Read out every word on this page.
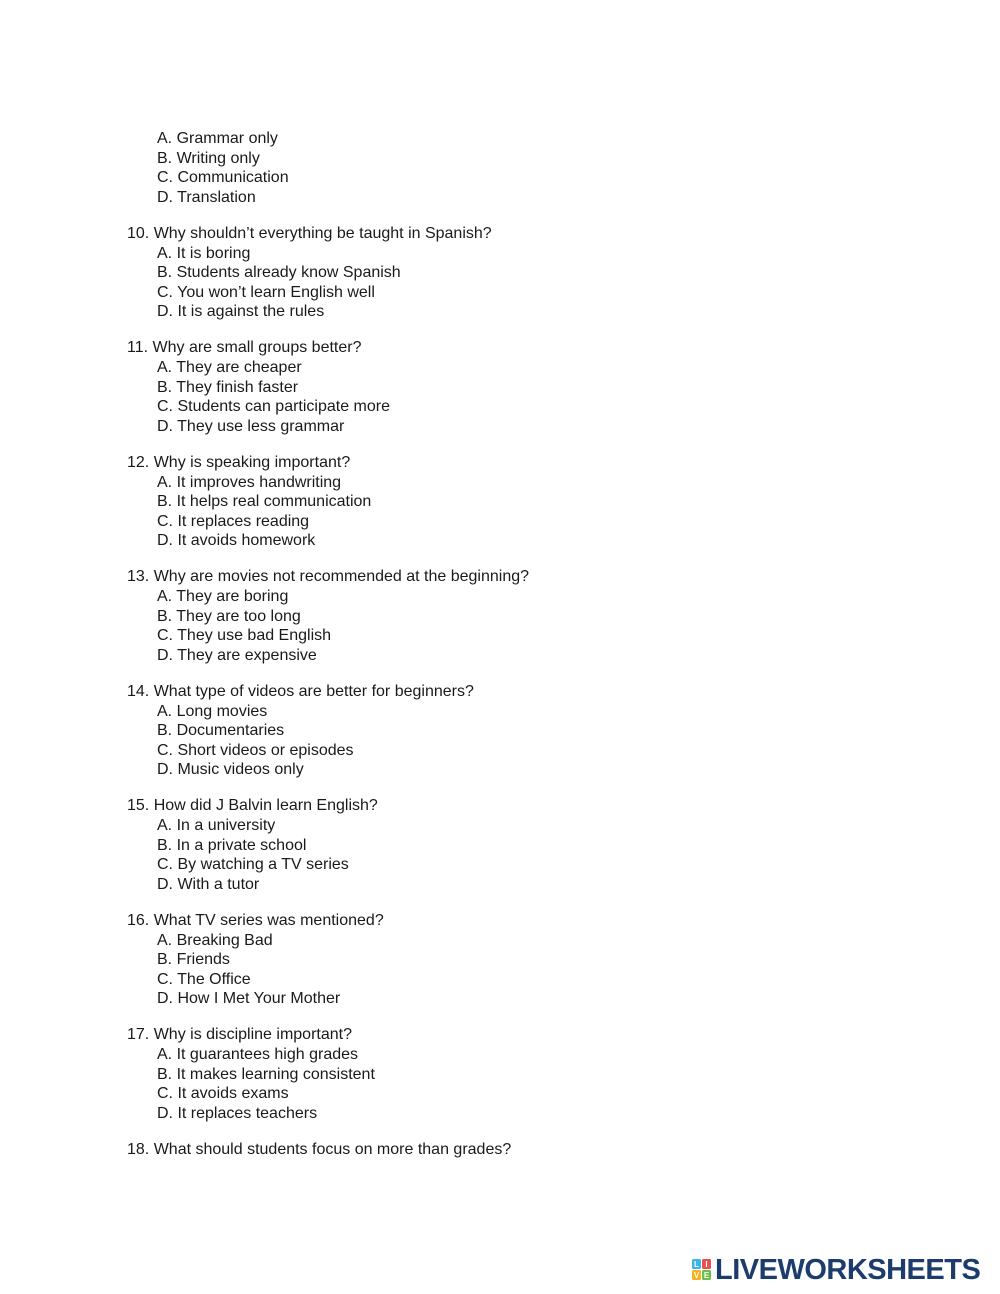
A. Grammar only
B. Writing only
C. Communication
D. Translation
10. Why shouldn’t everything be taught in Spanish?
A. It is boring
B. Students already know Spanish
C. You won’t learn English well
D. It is against the rules
11. Why are small groups better?
A. They are cheaper
B. They finish faster
C. Students can participate more
D. They use less grammar
12. Why is speaking important?
A. It improves handwriting
B. It helps real communication
C. It replaces reading
D. It avoids homework
13. Why are movies not recommended at the beginning?
A. They are boring
B. They are too long
C. They use bad English
D. They are expensive
14. What type of videos are better for beginners?
A. Long movies
B. Documentaries
C. Short videos or episodes
D. Music videos only
15. How did J Balvin learn English?
A. In a university
B. In a private school
C. By watching a TV series
D. With a tutor
16. What TV series was mentioned?
A. Breaking Bad
B. Friends
C. The Office
D. How I Met Your Mother
17. Why is discipline important?
A. It guarantees high grades
B. It makes learning consistent
C. It avoids exams
D. It replaces teachers
18. What should students focus on more than grades?
L I
V E LIVEWORKSHEETS
